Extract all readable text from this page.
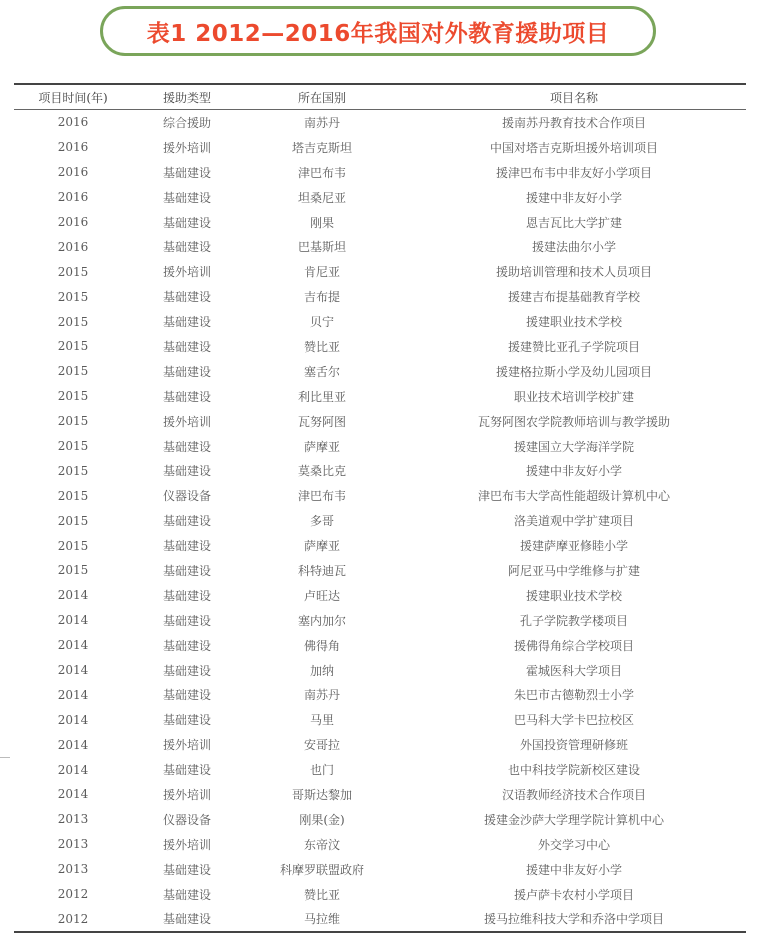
表1 2012—2016年我国对外教育援助项目
项目时间(年)	援助类型	所在国别	项目名称
2016	综合援助	南苏丹	援南苏丹教育技术合作项目
2016	援外培训	塔吉克斯坦	中国对塔吉克斯坦援外培训项目
2016	基础建设	津巴布韦	援津巴布韦中非友好小学项目
2016	基础建设	坦桑尼亚	援建中非友好小学
2016	基础建设	刚果	恩吉瓦比大学扩建
2016	基础建设	巴基斯坦	援建法曲尔小学
2015	援外培训	肯尼亚	援助培训管理和技术人员项目
2015	基础建设	吉布提	援建吉布提基础教育学校
2015	基础建设	贝宁	援建职业技术学校
2015	基础建设	赞比亚	援建赞比亚孔子学院项目
2015	基础建设	塞舌尔	援建格拉斯小学及幼儿园项目
2015	基础建设	利比里亚	职业技术培训学校扩建
2015	援外培训	瓦努阿图	瓦努阿图农学院教师培训与教学援助
2015	基础建设	萨摩亚	援建国立大学海洋学院
2015	基础建设	莫桑比克	援建中非友好小学
2015	仪器设备	津巴布韦	津巴布韦大学高性能超级计算机中心
2015	基础建设	多哥	洛美道观中学扩建项目
2015	基础建设	萨摩亚	援建萨摩亚修睦小学
2015	基础建设	科特迪瓦	阿尼亚马中学维修与扩建
2014	基础建设	卢旺达	援建职业技术学校
2014	基础建设	塞内加尔	孔子学院教学楼项目
2014	基础建设	佛得角	援佛得角综合学校项目
2014	基础建设	加纳	霍城医科大学项目
2014	基础建设	南苏丹	朱巴市古德勒烈士小学
2014	基础建设	马里	巴马科大学卡巴拉校区
2014	援外培训	安哥拉	外国投资管理研修班
2014	基础建设	也门	也中科技学院新校区建设
2014	援外培训	哥斯达黎加	汉语教师经济技术合作项目
2013	仪器设备	刚果(金)	援建金沙萨大学理学院计算机中心
2013	援外培训	东帝汶	外交学习中心
2013	基础建设	科摩罗联盟政府	援建中非友好小学
2012	基础建设	赞比亚	援卢萨卡农村小学项目
2012	基础建设	马拉维	援马拉维科技大学和乔洛中学项目
